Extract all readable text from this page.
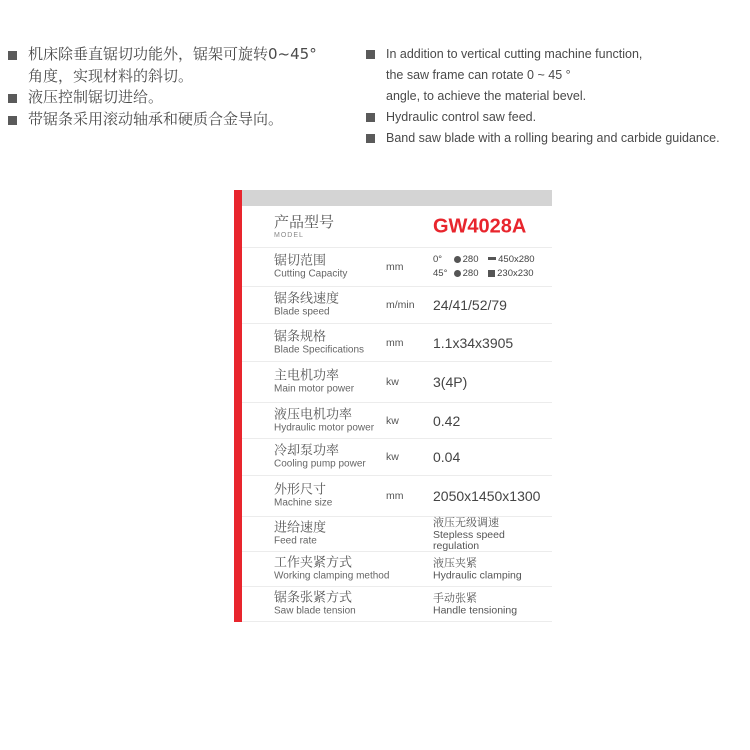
机床除垂直锯切功能外，锯架可旋转0~45°
角度，实现材料的斜切。
液压控制锯切进给。
带锯条采用滚动轴承和硬质合金导向。
In addition to vertical cutting machine function,
the saw frame can rotate 0 ~ 45 °
angle, to achieve the material bevel.
Hydraulic control saw feed.
Band saw blade with a rolling bearing and carbide guidance.
产品型号
MODEL	GW4028A
锯切范围
Cutting Capacity
mm
0° 280 450x280
45° 280 230x230
锯条线速度
Blade speed
m/min 24/41/52/79
锯条规格
Blade Specifications
mm 1.1x34x3905
主电机功率
Main motor power
kw 3(4P)
液压电机功率
Hydraulic motor power
kw 0.42
冷却泵功率
Cooling pump power
kw 0.04
外形尺寸
Machine size
mm 2050x1450x1300
进给速度
Feed rate
液压无级调速
Stepless speed regulation
工作夹紧方式
Working clamping method
液压夹紧
Hydraulic clamping
锯条张紧方式
Saw blade tension
手动张紧
Handle tensioning
